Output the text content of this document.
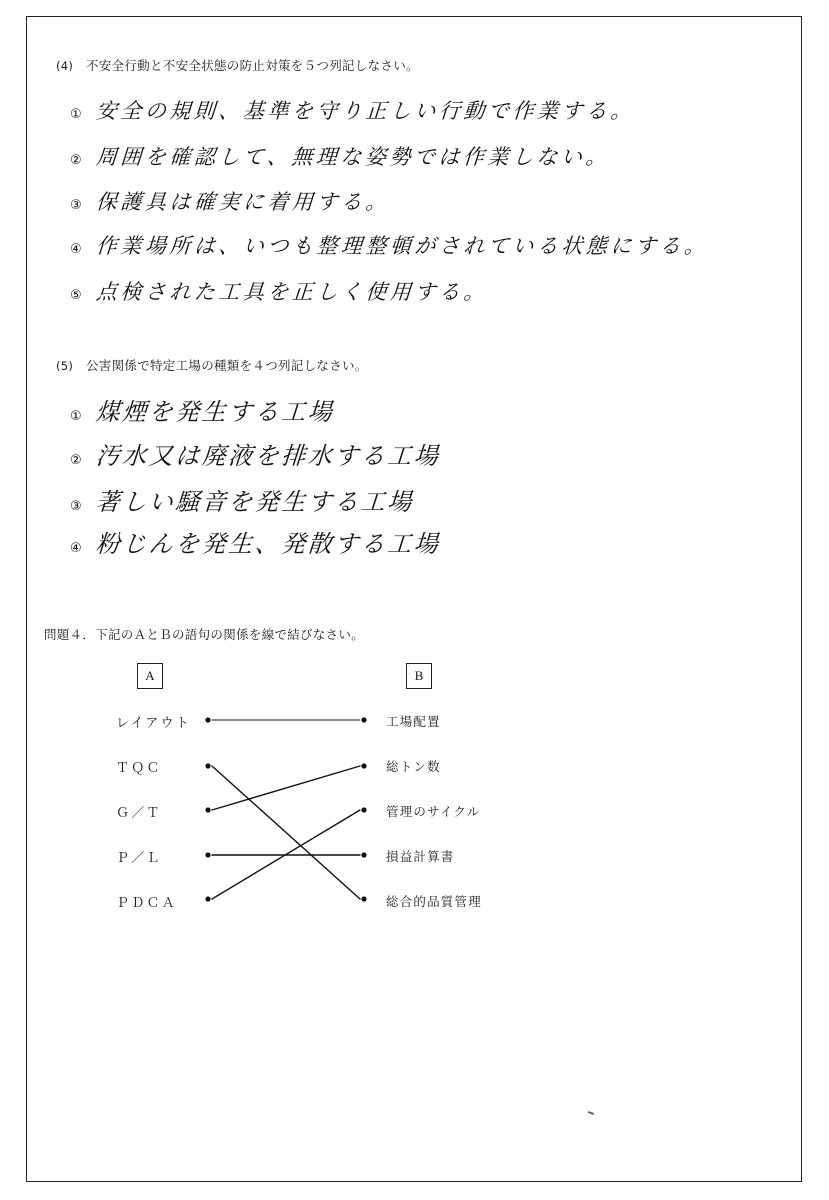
(4) 不安全行動と不安全状態の防止対策を５つ列記しなさい。
① 安全の規則、基準を守り正しい行動で作業する。
② 周囲を確認して、無理な姿勢では作業しない。
③ 保護具は確実に着用する。
④ 作業場所は、いつも整理整頓がされている状態にする。
⑤ 点検された工具を正しく使用する。
(5) 公害関係で特定工場の種類を４つ列記しなさい。
① 煤煙を発生する工場
② 汚水又は廃液を排水する工場
③ 著しい騒音を発生する工場
④ 粉じんを発生、発散する工場
問題４．下記のＡとＢの語句の関係を線で結びなさい。
A	B
レイアウト
ＴＱＣ
Ｇ／Ｔ
Ｐ／Ｌ
ＰＤＣＡ
工場配置
総トン数
管理のサイクル
損益計算書
総合的品質管理
